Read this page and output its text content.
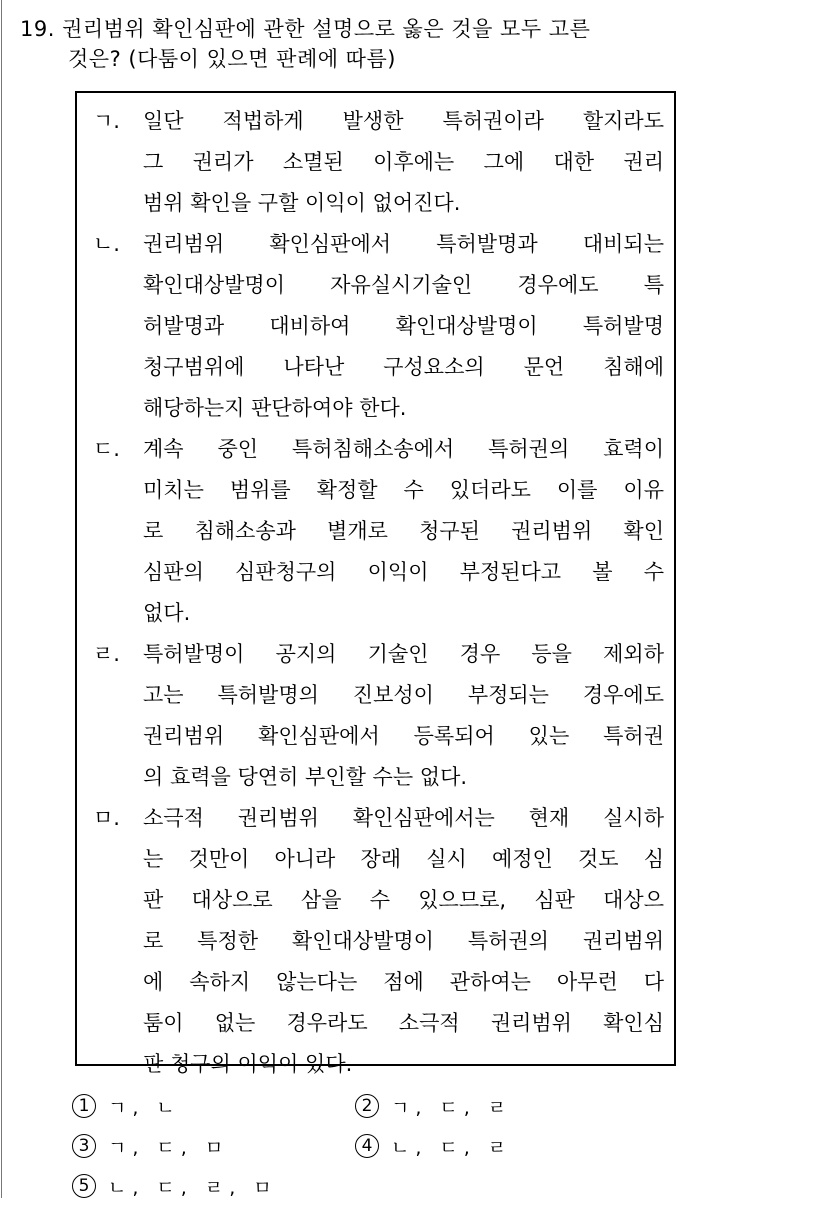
19. 권리범위 확인심판에 관한 설명으로 옳은 것을 모두 고른
것은? (다툼이 있으면 판례에 따름)
ㄱ.	일단 적법하게 발생한 특허권이라 할지라도
그 권리가 소멸된 이후에는 그에 대한 권리
범위 확인을 구할 이익이 없어진다.
ㄴ.	권리범위 확인심판에서 특허발명과 대비되는
확인대상발명이 자유실시기술인 경우에도 특
허발명과 대비하여 확인대상발명이 특허발명
청구범위에 나타난 구성요소의 문언 침해에
해당하는지 판단하여야 한다.
ㄷ.	계속 중인 특허침해소송에서 특허권의 효력이
미치는 범위를 확정할 수 있더라도 이를 이유
로 침해소송과 별개로 청구된 권리범위 확인
심판의 심판청구의 이익이 부정된다고 볼 수
없다.
ㄹ.	특허발명이 공지의 기술인 경우 등을 제외하
고는 특허발명의 진보성이 부정되는 경우에도
권리범위 확인심판에서 등록되어 있는 특허권
의 효력을 당연히 부인할 수는 없다.
ㅁ.	소극적 권리범위 확인심판에서는 현재 실시하
는 것만이 아니라 장래 실시 예정인 것도 심
판 대상으로 삼을 수 있으므로, 심판 대상으
로 특정한 확인대상발명이 특허권의 권리범위
에 속하지 않는다는 점에 관하여는 아무런 다
툼이 없는 경우라도 소극적 권리범위 확인심
판 청구의 이익이 있다.
1 ㄱ, ㄴ	2 ㄱ, ㄷ, ㄹ
3 ㄱ, ㄷ, ㅁ	4 ㄴ, ㄷ, ㄹ
5 ㄴ, ㄷ, ㄹ, ㅁ
